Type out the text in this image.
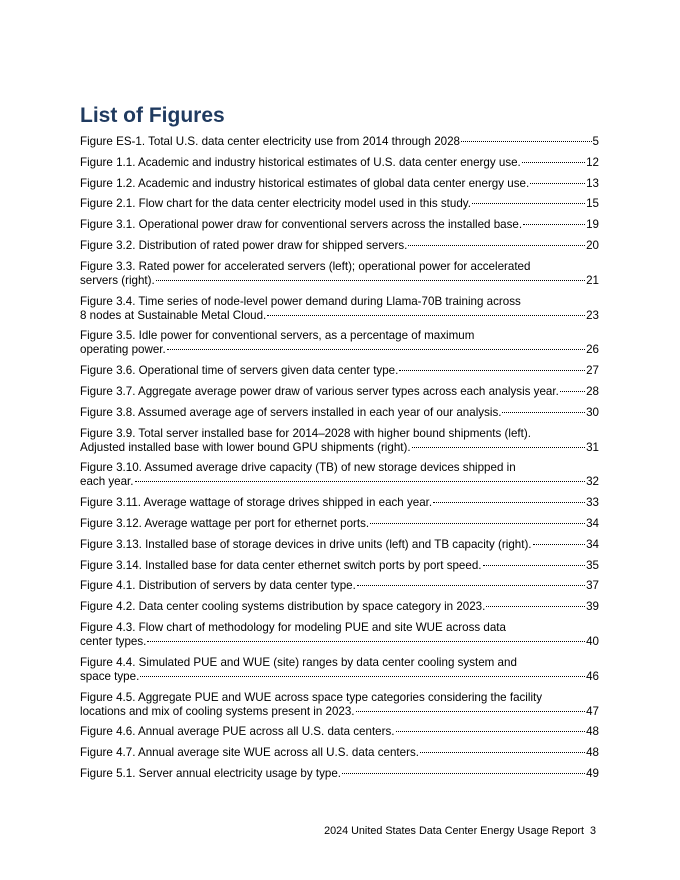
List of Figures
Figure ES-1. Total U.S. data center electricity use from 2014 through 2028	5
Figure 1.1. Academic and industry historical estimates of U.S. data center energy use.	12
Figure 1.2. Academic and industry historical estimates of global data center energy use.	13
Figure 2.1. Flow chart for the data center electricity model used in this study.	15
Figure 3.1. Operational power draw for conventional servers across the installed base.	19
Figure 3.2. Distribution of rated power draw for shipped servers.	20
Figure 3.3. Rated power for accelerated servers (left); operational power for accelerated
servers (right).	21
Figure 3.4. Time series of node-level power demand during Llama-70B training across
8 nodes at Sustainable Metal Cloud.	23
Figure 3.5. Idle power for conventional servers, as a percentage of maximum
operating power.	26
Figure 3.6. Operational time of servers given data center type.	27
Figure 3.7. Aggregate average power draw of various server types across each analysis year. 28
Figure 3.8. Assumed average age of servers installed in each year of our analysis.	30
Figure 3.9. Total server installed base for 2014–2028 with higher bound shipments (left).
Adjusted installed base with lower bound GPU shipments (right).	31
Figure 3.10. Assumed average drive capacity (TB) of new storage devices shipped in
each year.	32
Figure 3.11. Average wattage of storage drives shipped in each year.	33
Figure 3.12. Average wattage per port for ethernet ports.	34
Figure 3.13. Installed base of storage devices in drive units (left) and TB capacity (right).	34
Figure 3.14. Installed base for data center ethernet switch ports by port speed.	35
Figure 4.1. Distribution of servers by data center type.	37
Figure 4.2. Data center cooling systems distribution by space category in 2023.	39
Figure 4.3. Flow chart of methodology for modeling PUE and site WUE across data
center types.	40
Figure 4.4. Simulated PUE and WUE (site) ranges by data center cooling system and
space type.	46
Figure 4.5. Aggregate PUE and WUE across space type categories considering the facility
locations and mix of cooling systems present in 2023.	47
Figure 4.6. Annual average PUE across all U.S. data centers.	48
Figure 4.7. Annual average site WUE across all U.S. data centers.	48
Figure 5.1. Server annual electricity usage by type.	49
2024 United States Data Center Energy Usage Report 3
